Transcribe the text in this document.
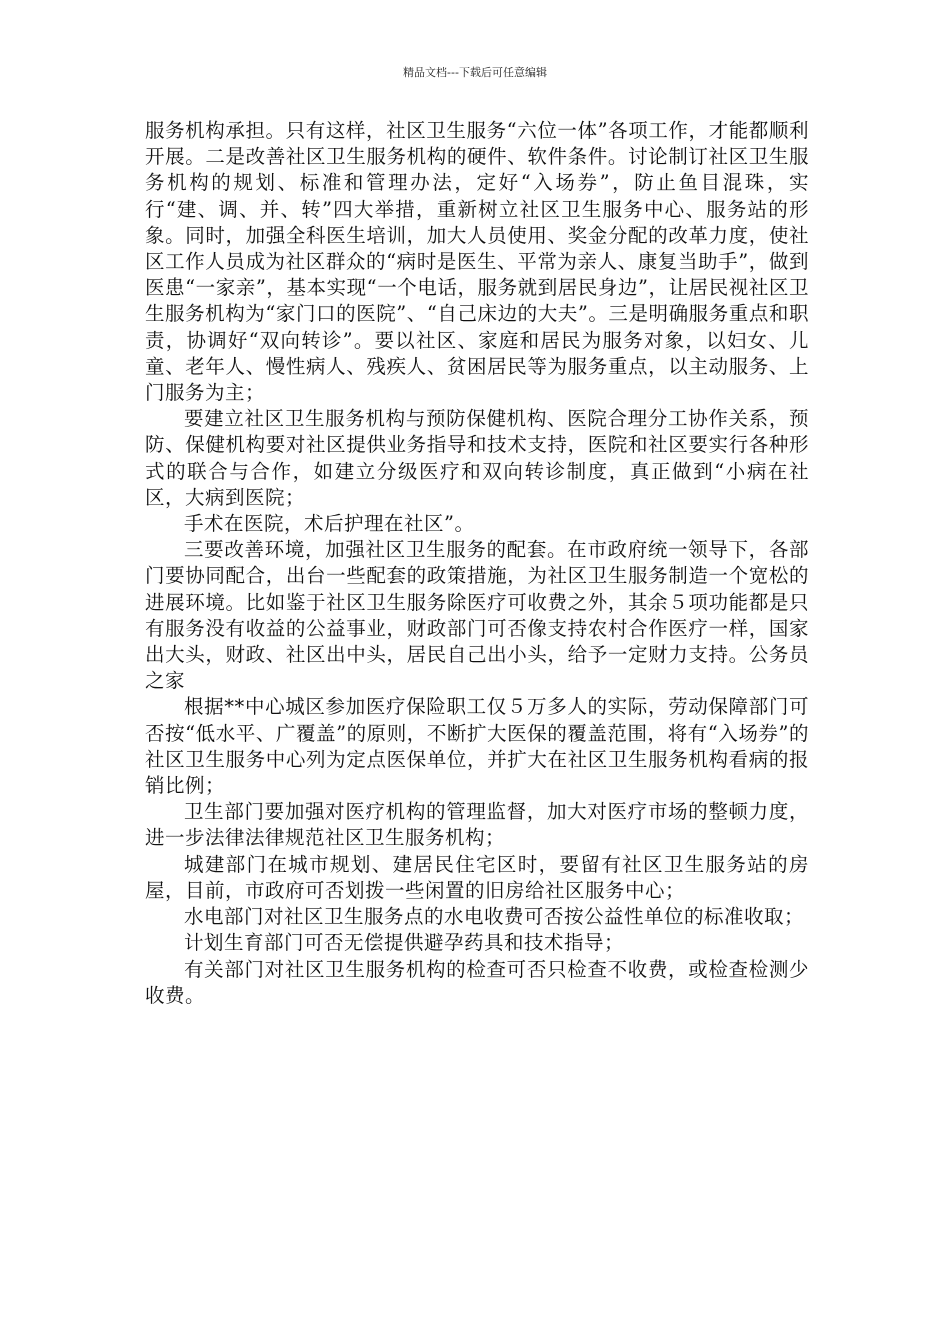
精品文档---下载后可任意编辑

服务机构承担。只有这样，社区卫生服务“六位一体”各项工作，才能都顺利开展。二是改善社区卫生服务机构的硬件、软件条件。讨论制订社区卫生服务机构的规划、标准和管理办法，定好“入场券”，防止鱼目混珠，实行“建、调、并、转”四大举措，重新树立社区卫生服务中心、服务站的形象。同时，加强全科医生培训，加大人员使用、奖金分配的改革力度，使社区工作人员成为社区群众的“病时是医生、平常为亲人、康复当助手”，做到医患“一家亲”，基本实现“一个电话，服务就到居民身边”，让居民视社区卫生服务机构为“家门口的医院”、“自己床边的大夫”。三是明确服务重点和职责，协调好“双向转诊”。要以社区、家庭和居民为服务对象，以妇女、儿童、老年人、慢性病人、残疾人、贫困居民等为服务重点，以主动服务、上门服务为主；

要建立社区卫生服务机构与预防保健机构、医院合理分工协作关系，预防、保健机构要对社区提供业务指导和技术支持，医院和社区要实行各种形式的联合与合作，如建立分级医疗和双向转诊制度，真正做到“小病在社区，大病到医院；

手术在医院，术后护理在社区”。

三要改善环境，加强社区卫生服务的配套。在市政府统一领导下，各部门要协同配合，出台一些配套的政策措施，为社区卫生服务制造一个宽松的进展环境。比如鉴于社区卫生服务除医疗可收费之外，其余５项功能都是只有服务没有收益的公益事业，财政部门可否像支持农村合作医疗一样，国家出大头，财政、社区出中头，居民自己出小头，给予一定财力支持。公务员之家

根据**中心城区参加医疗保险职工仅５万多人的实际，劳动保障部门可否按“低水平、广覆盖”的原则，不断扩大医保的覆盖范围，将有“入场券”的社区卫生服务中心列为定点医保单位，并扩大在社区卫生服务机构看病的报销比例；

卫生部门要加强对医疗机构的管理监督，加大对医疗市场的整顿力度，进一步法律法律规范社区卫生服务机构；

城建部门在城市规划、建居民住宅区时，要留有社区卫生服务站的房屋，目前，市政府可否划拨一些闲置的旧房给社区服务中心；

水电部门对社区卫生服务点的水电收费可否按公益性单位的标准收取；

计划生育部门可否无偿提供避孕药具和技术指导；

有关部门对社区卫生服务机构的检查可否只检查不收费，或检查检测少收费。
